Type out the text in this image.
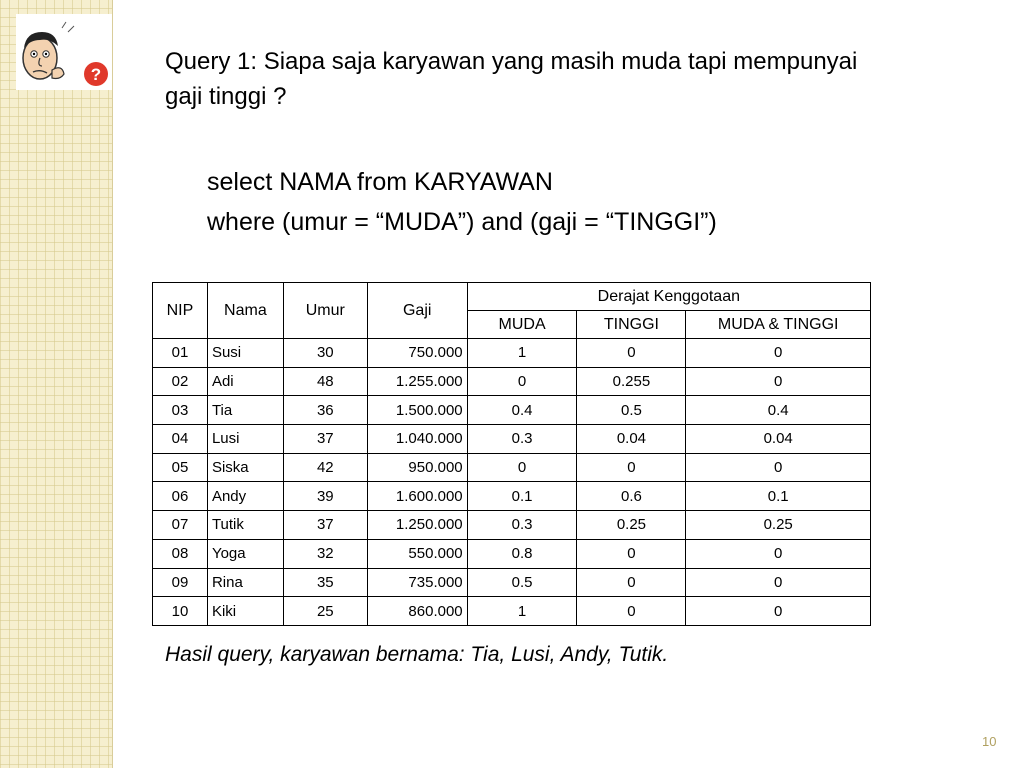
?	Query 1: Siapa saja karyawan yang masih muda tapi mempunyai gaji tinggi ?
select NAMA from KARYAWAN
where (umur = “MUDA”) and (gaji = “TINGGI”)
NIP	Nama	Umur	Gaji	Derajat Kenggotaan		
				MUDA	TINGGI	MUDA & TINGGI
01	Susi	30	750.000	1	0	0
02	Adi	48	1.255.000	0	0.255	0
03	Tia	36	1.500.000	0.4	0.5	0.4
04	Lusi	37	1.040.000	0.3	0.04	0.04
05	Siska	42	950.000	0	0	0
06	Andy	39	1.600.000	0.1	0.6	0.1
07	Tutik	37	1.250.000	0.3	0.25	0.25
08	Yoga	32	550.000	0.8	0	0
09	Rina	35	735.000	0.5	0	0
10	Kiki	25	860.000	1	0	0
Hasil query, karyawan bernama: Tia, Lusi, Andy, Tutik.
10
